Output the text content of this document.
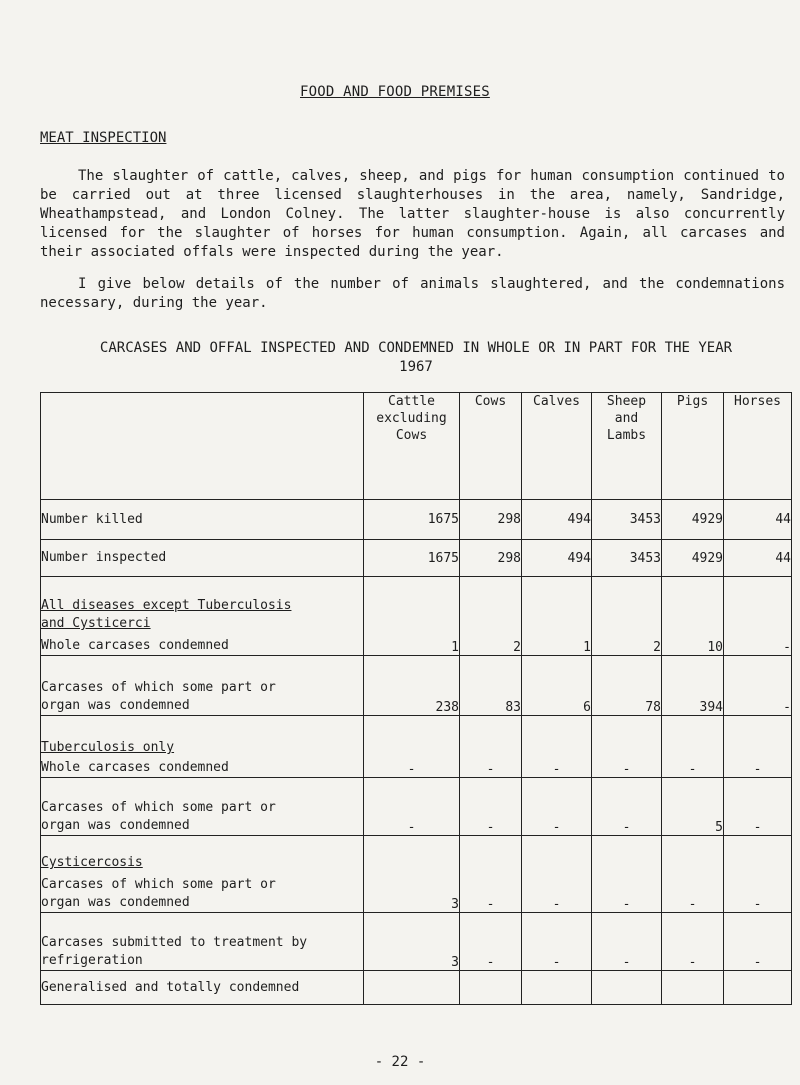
FOOD AND FOOD PREMISES
MEAT INSPECTION

The slaughter of cattle, calves, sheep, and pigs for human consumption continued to be carried out at three licensed slaughterhouses in the area, namely, Sandridge, Wheathampstead, and London Colney. The latter slaughter-house is also concurrently licensed for the slaughter of horses for human consumption. Again, all carcases and their associated offals were inspected during the year.

I give below details of the number of animals slaughtered, and the condemnations necessary, during the year.

CARCASES AND OFFAL INSPECTED AND CONDEMNED IN WHOLE OR IN PART FOR THE YEAR
1967
	Cattle excluding Cows	Cows	Calves	Sheep and Lambs	Pigs	Horses
Number killed	1675	298	494	3453	4929	44
Number inspected	1675	298	494	3453	4929	44

All diseases except Tuberculosis and Cysticerci
Whole carcases condemned	1	2	1	2	10	-

Carcases of which some part or organ was condemned	238	83	6	78	394	-

Tuberculosis only
Whole carcases condemned	-	-	-	-	-	-

Carcases of which some part or organ was condemned	-	-	-	-	5	-

Cysticercosis
Carcases of which some part or organ was condemned	3	-	-	-	-	-

Carcases submitted to treatment by refrigeration	3	-	-	-	-	-
Generalised and totally condemned						
- 22 -
